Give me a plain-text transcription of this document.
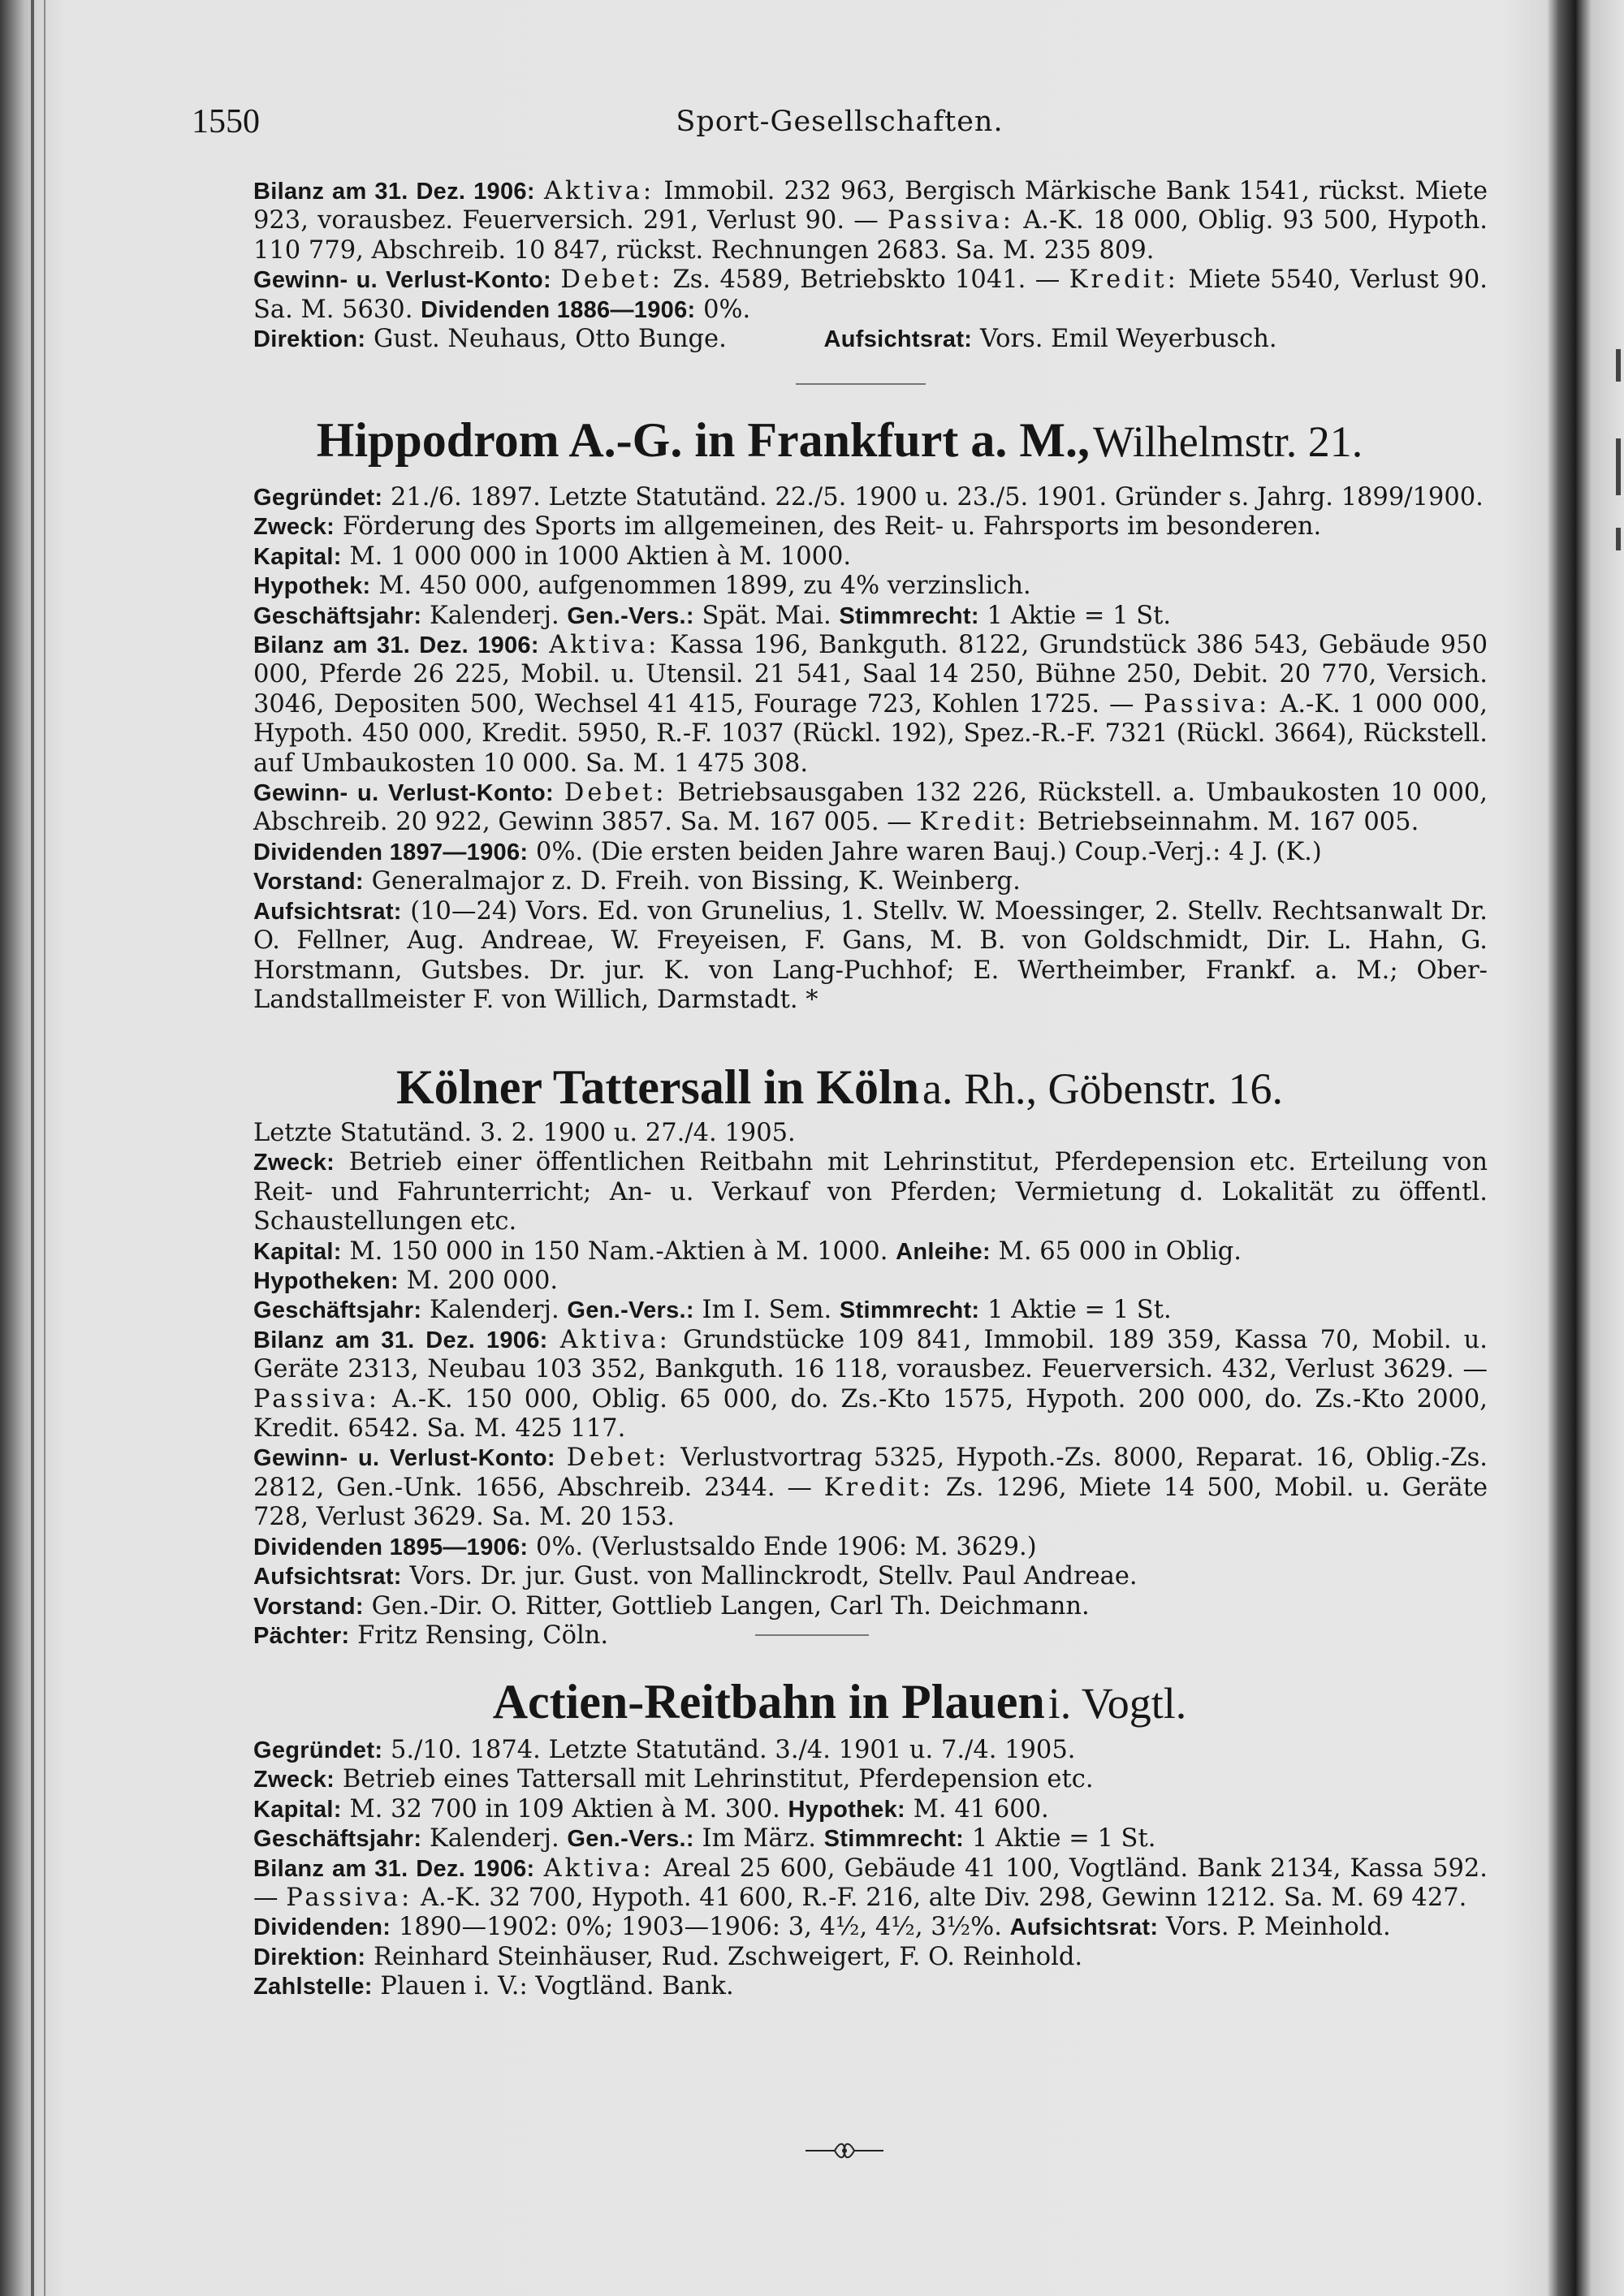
1550	Sport-Gesellschaften.

Bilanz am 31. Dez. 1906: Aktiva: Immobil. 232 963, Bergisch Märkische Bank 1541, rückst. Miete 923, vorausbez. Feuerversich. 291, Verlust 90. — Passiva: A.-K. 18 000, Oblig. 93 500, Hypoth. 110 779, Abschreib. 10 847, rückst. Rechnungen 2683. Sa. M. 235 809.

Gewinn- u. Verlust-Konto: Debet: Zs. 4589, Betriebskto 1041. — Kredit: Miete 5540, Verlust 90. Sa. M. 5630. Dividenden 1886—1906: 0%.

Direktion: Gust. Neuhaus, Otto Bunge.	Aufsichtsrat: Vors. Emil Weyerbusch.

Hippodrom A.-G. in Frankfurt a. M., Wilhelmstr. 21.

Gegründet: 21./6. 1897. Letzte Statutänd. 22./5. 1900 u. 23./5. 1901. Gründer s. Jahrg. 1899/1900.

Zweck: Förderung des Sports im allgemeinen, des Reit- u. Fahrsports im besonderen.

Kapital: M. 1 000 000 in 1000 Aktien à M. 1000.

Hypothek: M. 450 000, aufgenommen 1899, zu 4% verzinslich.

Geschäftsjahr: Kalenderj. Gen.-Vers.: Spät. Mai. Stimmrecht: 1 Aktie = 1 St.

Bilanz am 31. Dez. 1906: Aktiva: Kassa 196, Bankguth. 8122, Grundstück 386 543, Gebäude 950 000, Pferde 26 225, Mobil. u. Utensil. 21 541, Saal 14 250, Bühne 250, Debit. 20 770, Versich. 3046, Depositen 500, Wechsel 41 415, Fourage 723, Kohlen 1725. — Passiva: A.-K. 1 000 000, Hypoth. 450 000, Kredit. 5950, R.-F. 1037 (Rückl. 192), Spez.-R.-F. 7321 (Rückl. 3664), Rückstell. auf Umbaukosten 10 000. Sa. M. 1 475 308.

Gewinn- u. Verlust-Konto: Debet: Betriebsausgaben 132 226, Rückstell. a. Umbaukosten 10 000, Abschreib. 20 922, Gewinn 3857. Sa. M. 167 005. — Kredit: Betriebseinnahm. M. 167 005.

Dividenden 1897—1906: 0%. (Die ersten beiden Jahre waren Bauj.) Coup.-Verj.: 4 J. (K.)

Vorstand: Generalmajor z. D. Freih. von Bissing, K. Weinberg.

Aufsichtsrat: (10—24) Vors. Ed. von Grunelius, 1. Stellv. W. Moessinger, 2. Stellv. Rechtsanwalt Dr. O. Fellner, Aug. Andreae, W. Freyeisen, F. Gans, M. B. von Goldschmidt, Dir. L. Hahn, G. Horstmann, Gutsbes. Dr. jur. K. von Lang-Puchhof; E. Wertheimber, Frankf. a. M.; Ober-Landstallmeister F. von Willich, Darmstadt. *

Kölner Tattersall in Köln a. Rh., Göbenstr. 16.

Letzte Statutänd. 3. 2. 1900 u. 27./4. 1905.

Zweck: Betrieb einer öffentlichen Reitbahn mit Lehrinstitut, Pferdepension etc. Erteilung von Reit- und Fahrunterricht; An- u. Verkauf von Pferden; Vermietung d. Lokalität zu öffentl. Schaustellungen etc.

Kapital: M. 150 000 in 150 Nam.-Aktien à M. 1000. Anleihe: M. 65 000 in Oblig.

Hypotheken: M. 200 000.

Geschäftsjahr: Kalenderj. Gen.-Vers.: Im I. Sem. Stimmrecht: 1 Aktie = 1 St.

Bilanz am 31. Dez. 1906: Aktiva: Grundstücke 109 841, Immobil. 189 359, Kassa 70, Mobil. u. Geräte 2313, Neubau 103 352, Bankguth. 16 118, vorausbez. Feuerversich. 432, Verlust 3629. — Passiva: A.-K. 150 000, Oblig. 65 000, do. Zs.-Kto 1575, Hypoth. 200 000, do. Zs.-Kto 2000, Kredit. 6542. Sa. M. 425 117.

Gewinn- u. Verlust-Konto: Debet: Verlustvortrag 5325, Hypoth.-Zs. 8000, Reparat. 16, Oblig.-Zs. 2812, Gen.-Unk. 1656, Abschreib. 2344. — Kredit: Zs. 1296, Miete 14 500, Mobil. u. Geräte 728, Verlust 3629. Sa. M. 20 153.

Dividenden 1895—1906: 0%. (Verlustsaldo Ende 1906: M. 3629.)

Aufsichtsrat: Vors. Dr. jur. Gust. von Mallinckrodt, Stellv. Paul Andreae.

Vorstand: Gen.-Dir. O. Ritter, Gottlieb Langen, Carl Th. Deichmann.

Pächter: Fritz Rensing, Cöln.

Actien-Reitbahn in Plauen i. Vogtl.

Gegründet: 5./10. 1874. Letzte Statutänd. 3./4. 1901 u. 7./4. 1905.

Zweck: Betrieb eines Tattersall mit Lehrinstitut, Pferdepension etc.

Kapital: M. 32 700 in 109 Aktien à M. 300. Hypothek: M. 41 600.

Geschäftsjahr: Kalenderj. Gen.-Vers.: Im März. Stimmrecht: 1 Aktie = 1 St.

Bilanz am 31. Dez. 1906: Aktiva: Areal 25 600, Gebäude 41 100, Vogtländ. Bank 2134, Kassa 592. — Passiva: A.-K. 32 700, Hypoth. 41 600, R.-F. 216, alte Div. 298, Gewinn 1212. Sa. M. 69 427.

Dividenden: 1890—1902: 0%; 1903—1906: 3, 4½, 4½, 3½%. Aufsichtsrat: Vors. P. Meinhold.

Direktion: Reinhard Steinhäuser, Rud. Zschweigert, F. O. Reinhold.

Zahlstelle: Plauen i. V.: Vogtländ. Bank.
